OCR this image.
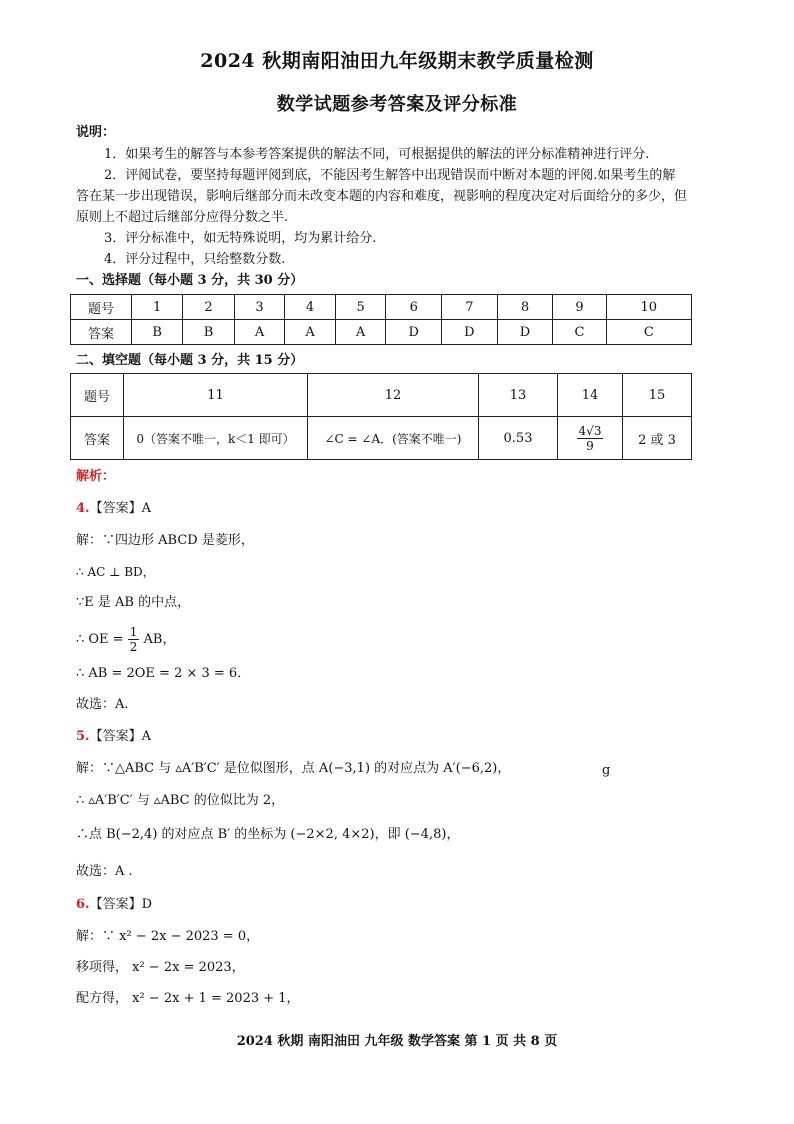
2024 秋期南阳油田九年级期末教学质量检测
数学试题参考答案及评分标准
说明：
1．如果考生的解答与本参考答案提供的解法不同，可根据提供的解法的评分标准精神进行评分.
2．评阅试卷，要坚持每题评阅到底，不能因考生解答中出现错误而中断对本题的评阅.如果考生的解
答在某一步出现错误，影响后继部分而未改变本题的内容和难度，视影响的程度决定对后面给分的多少，但
原则上不超过后继部分应得分数之半.
3．评分标准中，如无特殊说明，均为累计给分.
4．评分过程中，只给整数分数.
一、选择题（每小题 3 分，共 30 分）
题号	1	2	3	4	5	6	7	8	9	10
答案	B	B	A	A	A	D	D	D	C	C
二、填空题（每小题 3 分，共 15 分）
题号	11	12	13	14	15
答案	0（答案不唯一，k＜1 即可）	∠C = ∠A．(答案不唯一)	0.53	$\frac{4√3}{9}$	2 或 3
解析：
4.【答案】A
解：∵四边形 ABCD 是菱形，
∴ AC ⊥ BD，
∵E 是 AB 的中点，
∴ OE = $\frac{1}{2}$ AB，
∴ AB = 2OE = 2 × 3 = 6．
故选：A.
5.【答案】A
解：∵△ABC 与 ▵A′B′C′ 是位似图形，点 A(−3,1) 的对应点为 A′(−6,2)，	g
∴ ▵A′B′C′ 与 ▵ABC 的位似比为 2，
∴点 B(−2,4) 的对应点 B′ 的坐标为 (−2×2, 4×2)，即 (−4,8)，
故选：A .
6.【答案】D
解：∵ x² − 2x − 2023 = 0，
移项得， x² − 2x = 2023，
配方得， x² − 2x + 1 = 2023 + 1，
2024 秋期 南阳油田 九年级 数学答案 第 1 页 共 8 页
